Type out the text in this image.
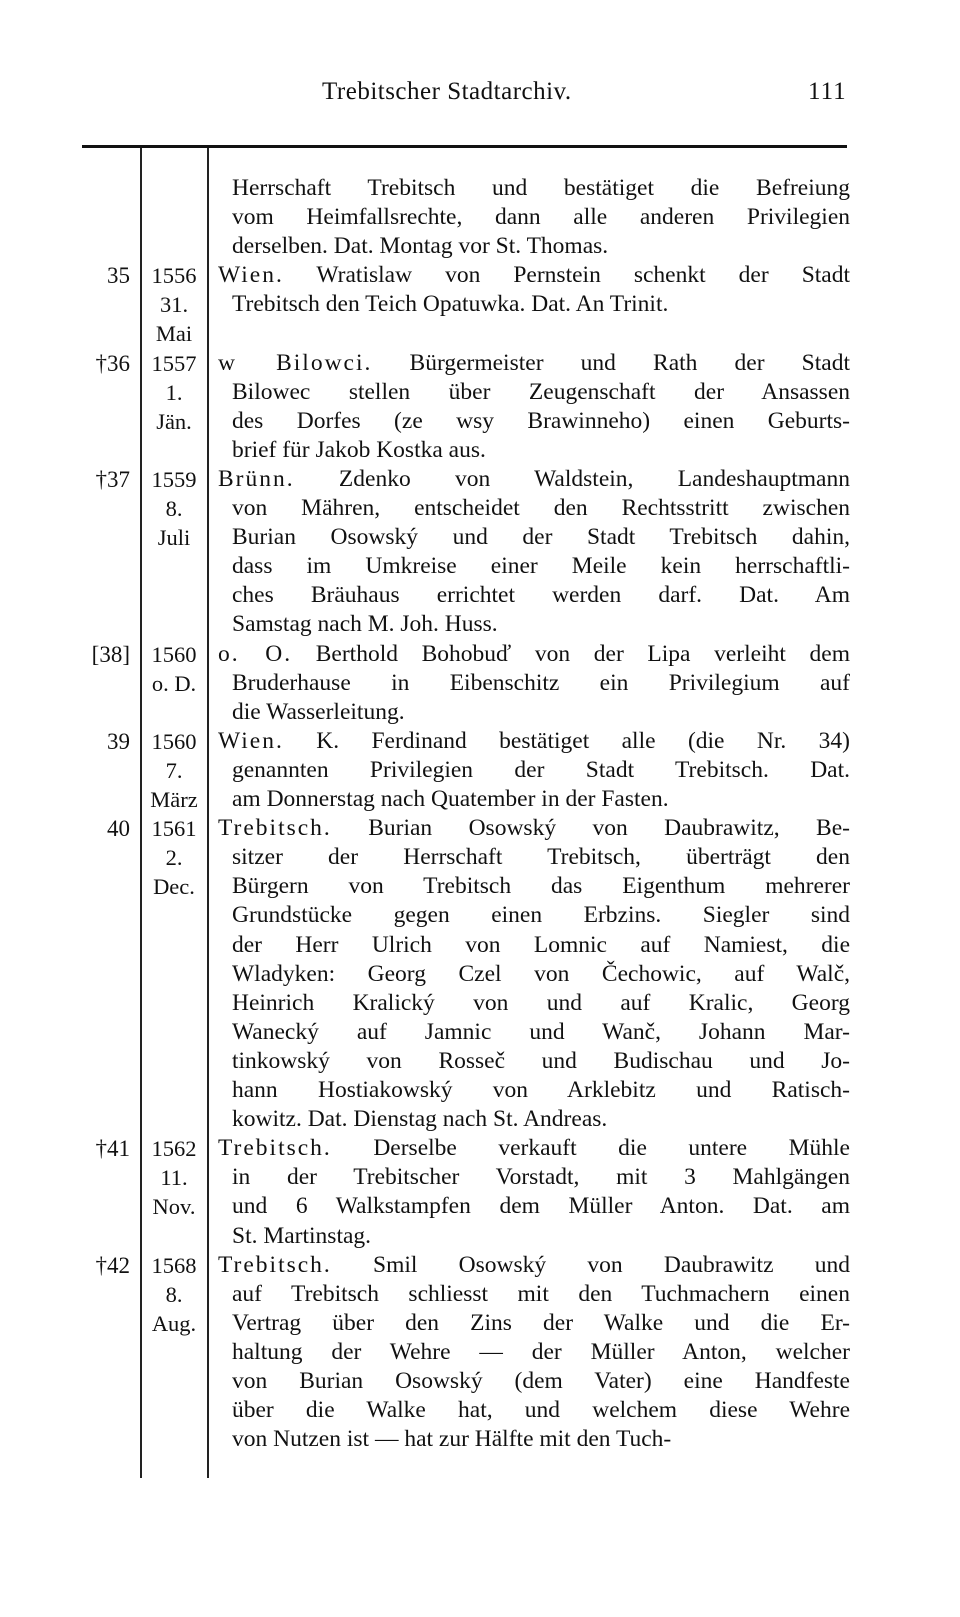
Trebitscher Stadtarchiv.	111
Herrschaft Trebitsch und bestätiget die Befreiung
vom Heimfallsrechte, dann alle anderen Privilegien
derselben. Dat. Montag vor St. Thomas.
35 1556
31.
Mai
Wien. Wratislaw von Pernstein schenkt der Stadt
Trebitsch den Teich Opatuwka. Dat. An Trinit.
†36 1557
1.
Jän.
w Bilowci. Bürgermeister und Rath der Stadt
Bilowec stellen über Zeugenschaft der Ansassen
des Dorfes (ze wsy Brawinneho) einen Geburts-
brief für Jakob Kostka aus.
†37 1559
8.
Juli
Brünn. Zdenko von Waldstein, Landeshauptmann
von Mähren, entscheidet den Rechtsstritt zwischen
Burian Osowský und der Stadt Trebitsch dahin,
dass im Umkreise einer Meile kein herrschaftli-
ches Bräuhaus errichtet werden darf. Dat. Am
Samstag nach M. Joh. Huss.
[38] 1560
o. D.
o. O. Berthold Bohobuď von der Lipa verleiht dem
Bruderhause in Eibenschitz ein Privilegium auf
die Wasserleitung.
39 1560
7.
März
Wien. K. Ferdinand bestätiget alle (die Nr. 34)
genannten Privilegien der Stadt Trebitsch. Dat.
am Donnerstag nach Quatember in der Fasten.
40 1561
2.
Dec.
Trebitsch. Burian Osowský von Daubrawitz, Be-
sitzer der Herrschaft Trebitsch, überträgt den
Bürgern von Trebitsch das Eigenthum mehrerer
Grundstücke gegen einen Erbzins. Siegler sind
der Herr Ulrich von Lomnic auf Namiest, die
Wladyken: Georg Czel von Čechowic, auf Walč,
Heinrich Kralický von und auf Kralic, Georg
Wanecký auf Jamnic und Wanč, Johann Mar-
tinkowský von Rosseč und Budischau und Jo-
hann Hostiakowský von Arklebitz und Ratisch-
kowitz. Dat. Dienstag nach St. Andreas.
†41 1562
11.
Nov.
Trebitsch. Derselbe verkauft die untere Mühle
in der Trebitscher Vorstadt, mit 3 Mahlgängen
und 6 Walkstampfen dem Müller Anton. Dat. am
St. Martinstag.
†42 1568
8.
Aug.
Trebitsch. Smil Osowský von Daubrawitz und
auf Trebitsch schliesst mit den Tuchmachern einen
Vertrag über den Zins der Walke und die Er-
haltung der Wehre — der Müller Anton, welcher
von Burian Osowský (dem Vater) eine Handfeste
über die Walke hat, und welchem diese Wehre
von Nutzen ist — hat zur Hälfte mit den Tuch-
